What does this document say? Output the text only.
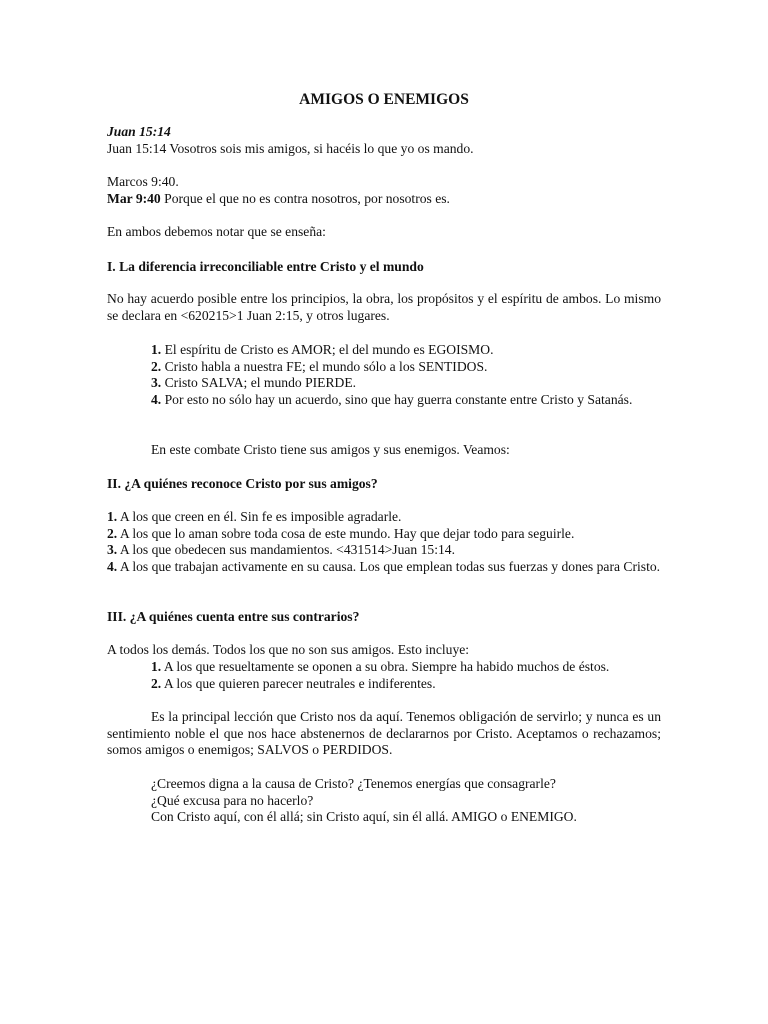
AMIGOS O ENEMIGOS
Juan 15:14
Juan 15:14 Vosotros sois mis amigos, si hacéis lo que yo os mando.
Marcos 9:40.
Mar 9:40 Porque el que no es contra nosotros, por nosotros es.
En ambos debemos notar que se enseña:
I. La diferencia irreconciliable entre Cristo y el mundo
No hay acuerdo posible entre los principios, la obra, los propósitos y el espíritu de ambos. Lo mismo se declara en <620215>1 Juan 2:15, y otros lugares.
1. El espíritu de Cristo es AMOR; el del mundo es EGOISMO.
2. Cristo habla a nuestra FE; el mundo sólo a los SENTIDOS.
3. Cristo SALVA; el mundo PIERDE.
4. Por esto no sólo hay un acuerdo, sino que hay guerra constante entre Cristo y Satanás.
En este combate Cristo tiene sus amigos y sus enemigos. Veamos:
II. ¿A quiénes reconoce Cristo por sus amigos?
1. A los que creen en él. Sin fe es imposible agradarle.
2. A los que lo aman sobre toda cosa de este mundo. Hay que dejar todo para seguirle.
3. A los que obedecen sus mandamientos. <431514>Juan 15:14.
4. A los que trabajan activamente en su causa. Los que emplean todas sus fuerzas y dones para Cristo.
III. ¿A quiénes cuenta entre sus contrarios?
A todos los demás. Todos los que no son sus amigos. Esto incluye:
1. A los que resueltamente se oponen a su obra. Siempre ha habido muchos de éstos.
2. A los que quieren parecer neutrales e indiferentes.
Es la principal lección que Cristo nos da aquí. Tenemos obligación de servirlo; y nunca es un sentimiento noble el que nos hace abstenernos de declararnos por Cristo. Aceptamos o rechazamos; somos amigos o enemigos; SALVOS o PERDIDOS.
¿Creemos digna a la causa de Cristo? ¿Tenemos energías que consagrarle?
¿Qué excusa para no hacerlo?
Con Cristo aquí, con él allá; sin Cristo aquí, sin él allá. AMIGO o ENEMIGO.
